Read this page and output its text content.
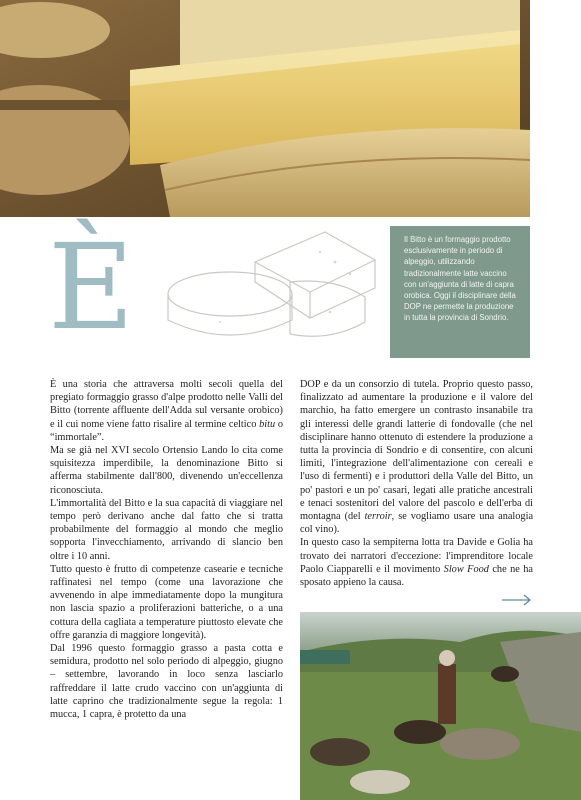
È	Il Bitto è un formaggio prodotto esclusivamente in periodo di alpeggio, utilizzando tradizionalmente latte vaccino con un'aggiunta di latte di capra orobica. Oggi il disciplinare della DOP ne permette la produzione in tutta la provincia di Sondrio.

È una storia che attraversa molti secoli quella del pregiato formaggio grasso d'alpe prodotto nelle Valli del Bitto (torrente affluente dell'Adda sul versante orobico) e il cui nome viene fatto risalire al termine celtico bitu o “immortale”.

Ma se già nel XVI secolo Ortensio Lando lo cita come squisitezza imperdibile, la denominazione Bitto si afferma stabilmente dall'800, divenendo un'eccellenza riconosciuta.

L'immortalità del Bitto e la sua capacità di viaggiare nel tempo però derivano anche dal fatto che si tratta probabilmente del formaggio al mondo che meglio sopporta l'invecchiamento, arrivando di slancio ben oltre i 10 anni.

Tutto questo è frutto di competenze casearie e tecniche raffinatesi nel tempo (come una lavorazione che avvenendo in alpe immediatamente dopo la mungitura non lascia spazio a proliferazioni batteriche, o a una cottura della cagliata a temperature piuttosto elevate che offre garanzia di maggiore longevità).

Dal 1996 questo formaggio grasso a pasta cotta e semidura, prodotto nel solo periodo di alpeggio, giugno – settembre, lavorando in loco senza lasciarlo raffreddare il latte crudo vaccino con un'aggiunta di latte caprino che tradizionalmente segue la regola: 1 mucca, 1 capra, è protetto da una

DOP e da un consorzio di tutela. Proprio questo passo, finalizzato ad aumentare la produzione e il valore del marchio, ha fatto emergere un contrasto insanabile tra gli interessi delle grandi latterie di fondovalle (che nel disciplinare hanno ottenuto di estendere la produzione a tutta la provincia di Sondrio e di consentire, con alcuni limiti, l'integrazione dell'alimentazione con cereali e l'uso di fermenti) e i produttori della Valle del Bitto, un po' pastori e un po' casari, legati alle pratiche ancestrali e tenaci sostenitori del valore del pascolo e dell'erba di montagna (del terroir, se vogliamo usare una analogia col vino).

In questo caso la sempiterna lotta tra Davide e Golia ha trovato dei narratori d'eccezione: l'imprenditore locale Paolo Ciapparelli e il movimento Slow Food che ne ha sposato appieno la causa.
